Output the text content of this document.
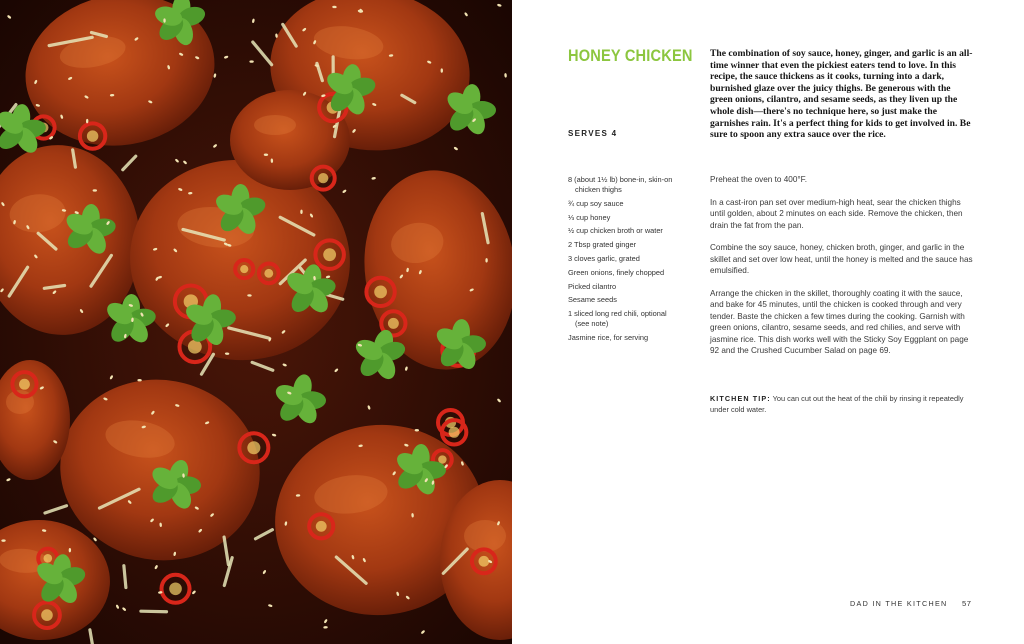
HONEY CHICKEN The combination of soy sauce, honey, ginger, and garlic is an all-time winner that even the pickiest eaters tend to love. In this recipe, the sauce thickens as it cooks, turning into a dark, burnished glaze over the juicy thighs. Be generous with the green onions, cilantro, and sesame seeds, as they liven up the whole dish—there's no technique here, so just make the garnishes rain. It's a perfect thing for kids to get involved in. Be sure to spoon any extra sauce over the rice.

SERVES 4
8 (about 1½ lb) bone-in, skin-on
chicken thighs
¾ cup soy sauce
⅓ cup honey
½ cup chicken broth or water
2 Tbsp grated ginger
3 cloves garlic, grated
Green onions, finely chopped
Picked cilantro
Sesame seeds
1 sliced long red chili, optional
(see note)
Jasmine rice, for serving

Preheat the oven to 400°F.

In a cast-iron pan set over medium-high heat, sear the chicken thighs until golden, about 2 minutes on each side. Remove the chicken, then drain the fat from the pan.

Combine the soy sauce, honey, chicken broth, ginger, and garlic in the skillet and set over low heat, until the honey is melted and the sauce has emulsified.

Arrange the chicken in the skillet, thoroughly coating it with the sauce, and bake for 45 minutes, until the chicken is cooked through and very tender. Baste the chicken a few times during the cooking. Garnish with green onions, cilantro, sesame seeds, and red chilies, and serve with jasmine rice. This dish works well with the Sticky Soy Eggplant on page 92 and the Crushed Cucumber Salad on page 69.

KITCHEN TIP: You can cut out the heat of the chili by rinsing it repeatedly under cold water.

DAD IN THE KITCHEN 57
